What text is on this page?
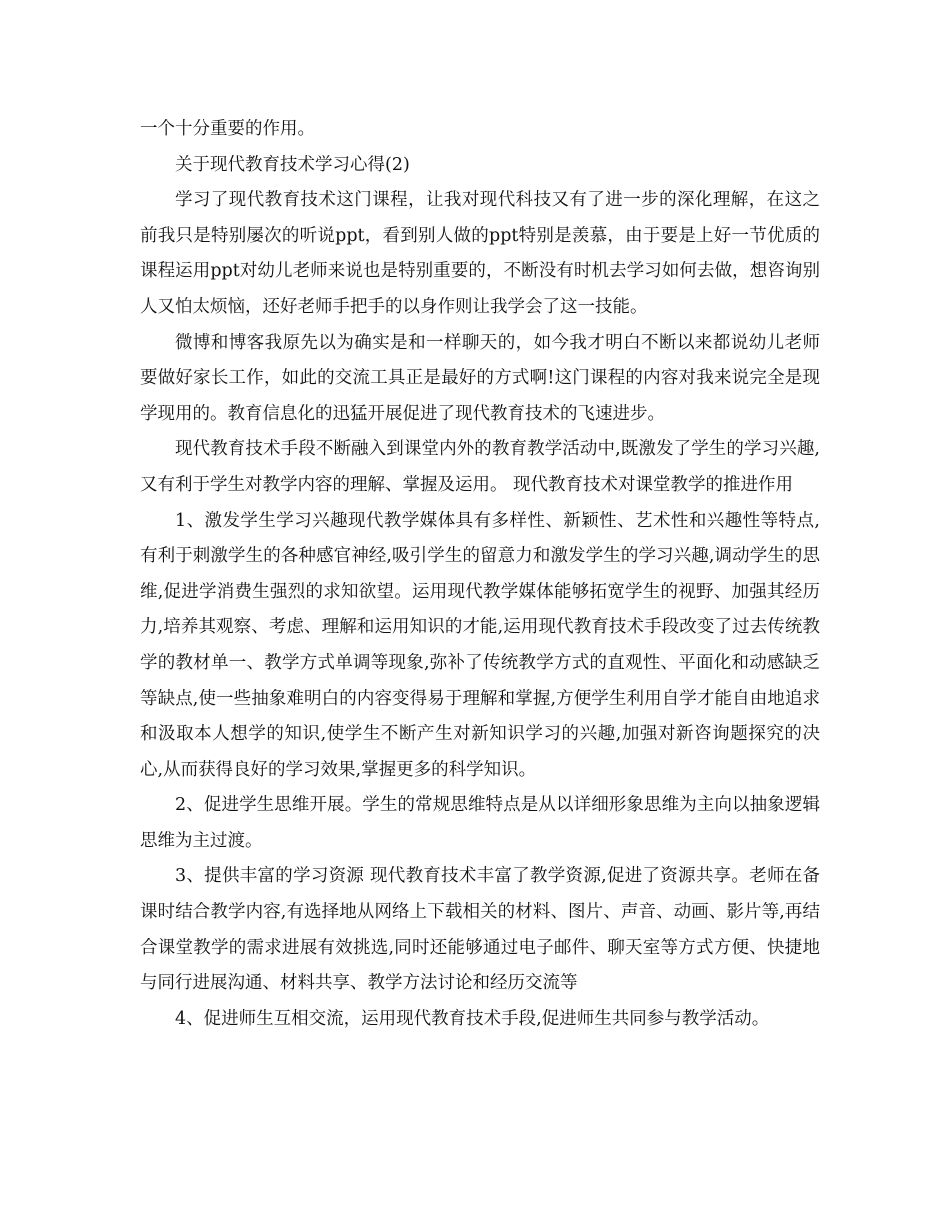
一个十分重要的作用。

关于现代教育技术学习心得(2)

学习了现代教育技术这门课程，让我对现代科技又有了进一步的深化理解，在这之前我只是特别屡次的听说ppt，看到别人做的ppt特别是羡慕，由于要是上好一节优质的课程运用ppt对幼儿老师来说也是特别重要的，不断没有时机去学习如何去做，想咨询别人又怕太烦恼，还好老师手把手的以身作则让我学会了这一技能。

微博和博客我原先以为确实是和一样聊天的，如今我才明白不断以来都说幼儿老师要做好家长工作，如此的交流工具正是最好的方式啊!这门课程的内容对我来说完全是现学现用的。教育信息化的迅猛开展促进了现代教育技术的飞速进步。

现代教育技术手段不断融入到课堂内外的教育教学活动中,既激发了学生的学习兴趣,又有利于学生对教学内容的理解、掌握及运用。 现代教育技术对课堂教学的推进作用

1、激发学生学习兴趣现代教学媒体具有多样性、新颖性、艺术性和兴趣性等特点,有利于刺激学生的各种感官神经,吸引学生的留意力和激发学生的学习兴趣,调动学生的思维,促进学消费生强烈的求知欲望。运用现代教学媒体能够拓宽学生的视野、加强其经历力,培养其观察、考虑、理解和运用知识的才能,运用现代教育技术手段改变了过去传统教学的教材单一、教学方式单调等现象,弥补了传统教学方式的直观性、平面化和动感缺乏等缺点,使一些抽象难明白的内容变得易于理解和掌握,方便学生利用自学才能自由地追求和汲取本人想学的知识,使学生不断产生对新知识学习的兴趣,加强对新咨询题探究的决心,从而获得良好的学习效果,掌握更多的科学知识。

2、促进学生思维开展。学生的常规思维特点是从以详细形象思维为主向以抽象逻辑思维为主过渡。

3、提供丰富的学习资源 现代教育技术丰富了教学资源,促进了资源共享。老师在备课时结合教学内容,有选择地从网络上下载相关的材料、图片、声音、动画、影片等,再结合课堂教学的需求进展有效挑选,同时还能够通过电子邮件、聊天室等方式方便、快捷地与同行进展沟通、材料共享、教学方法讨论和经历交流等

4、促进师生互相交流，运用现代教育技术手段,促进师生共同参与教学活动。
